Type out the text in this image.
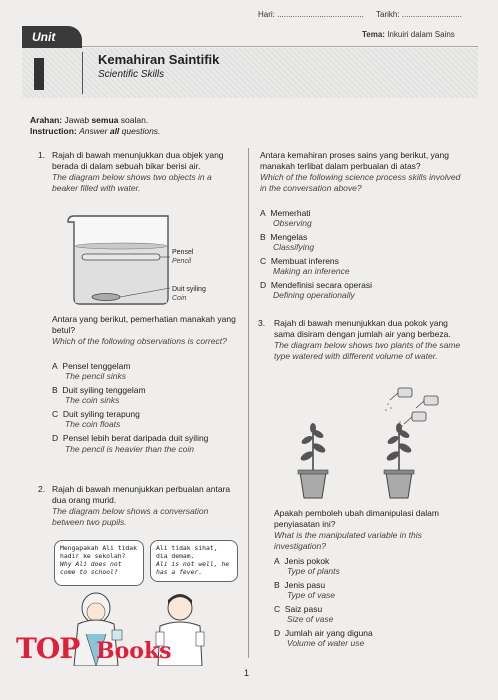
Hari: ....................................... Tarikh: ...........................
Unit	Tema: Inkuiri dalam Sains
Kemahiran Saintifik
Scientific Skills
Arahan: Jawab semua soalan.
Instruction: Answer all questions.
1. Rajah di bawah menunjukkan dua objek yang berada di dalam sebuah bikar berisi air.
The diagram below shows two objects in a beaker filled with water.
Pensel
Pencil
Duit syiling
Coin
Antara yang berikut, pemerhatian manakah yang betul?
Which of the following observations is correct?
A Pensel tenggelam
The pencil sinks
B Duit syiling tenggelam
The coin sinks
C Duit syiling terapung
The coin floats
D Pensel lebih berat daripada duit syiling
The pencil is heavier than the coin
2. Rajah di bawah menunjukkan perbualan antara dua orang murid.
The diagram below shows a conversation between two pupils.
Mengapakah Ali tidak hadir ke sekolah?
Why Ali does not come to school?
Ali tidak sihat, dia demam.
Ali is not well, he has a fever.
Antara kemahiran proses sains yang berikut, yang manakah terlibat dalam perbualan di atas?
Which of the following science process skills involved in the conversation above?
A Memerhati
Observing
B Mengelas
Classifying
C Membuat inferens
Making an inference
D Mendefinisi secara operasi
Defining operationally
3. Rajah di bawah menunjukkan dua pokok yang sama disiram dengan jumlah air yang berbeza.
The diagram below shows two plants of the same type watered with different volume of water.
Apakah pemboleh ubah dimanipulasi dalam penyiasatan ini?
What is the manipulated variable in this investigation?
A Jenis pokok
Type of plants
B Jenis pasu
Type of vase
C Saiz pasu
Size of vase
D Jumlah air yang diguna
Volume of water use
1
TOP Books
